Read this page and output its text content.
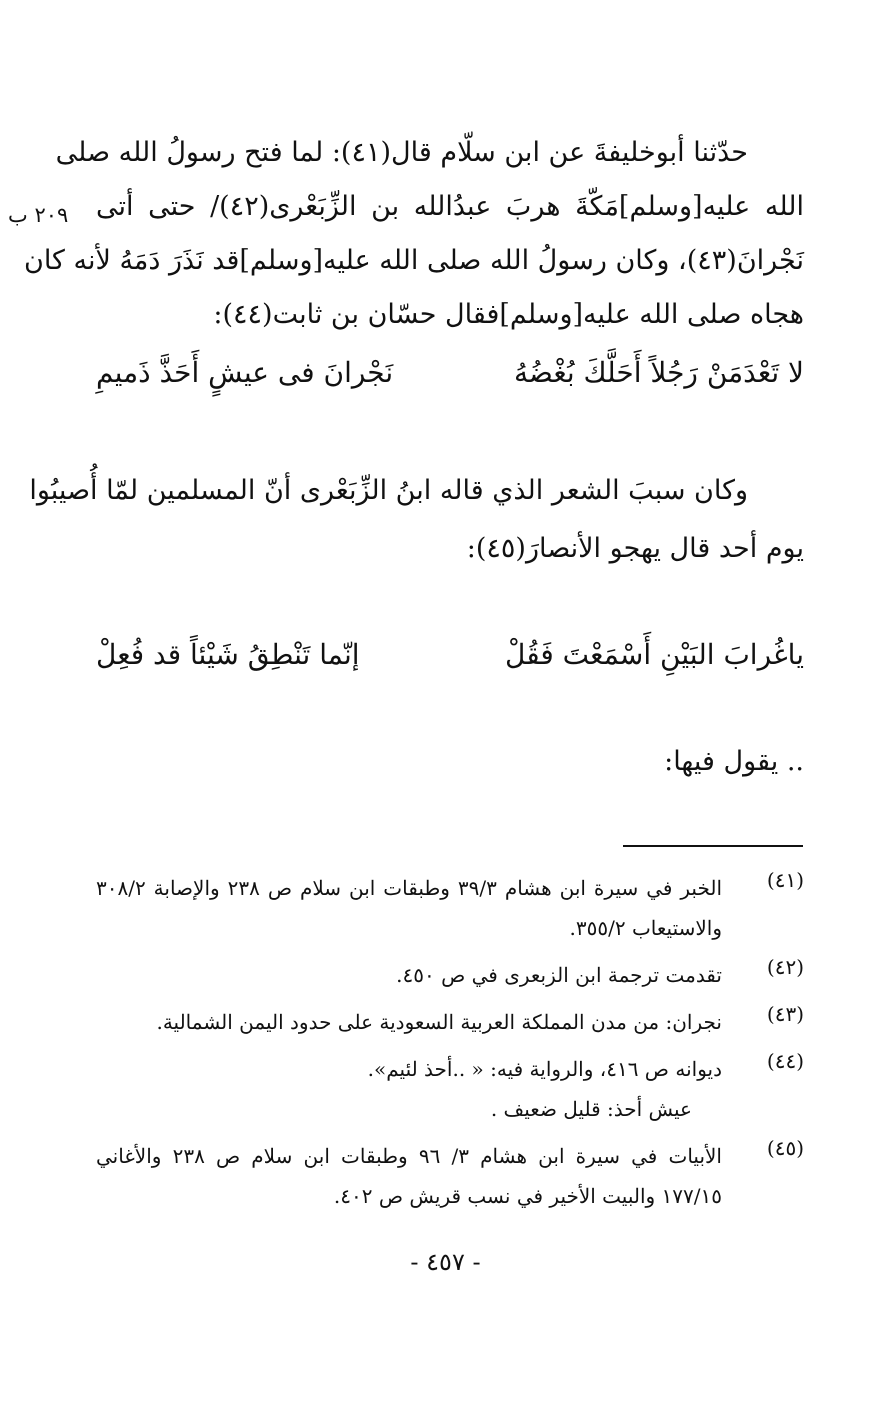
٢٠٩ ب
حدّثنا أبوخليفةَ عن ابن سلّام قال(٤١): لما فتح رسولُ الله صلى
الله عليه[وسلم]مَكّةَ هربَ عبدُالله بن الزِّبَعْرى(٤٢)/ حتى أتى
نَجْرانَ(٤٣)، وكان رسولُ الله صلى الله عليه[وسلم]قد نَذَرَ دَمَهُ لأنه كان
هجاه صلى الله عليه[وسلم]فقال حسّان بن ثابت(٤٤):
لا تَعْدَمَنْ رَجُلاً أَحَلَّكَ بُغْضُهُ
نَجْرانَ فى عيشٍ أَحَذَّ ذَميمِ
وكان سببَ الشعر الذي قاله ابنُ الزِّبَعْرى أنّ المسلمين لمّا أُصيبُوا
يوم أحد قال يهجو الأنصارَ(٤٥):
ياغُرابَ البَيْنِ أَسْمَعْتَ فَقُلْ
إنّما تَنْطِقُ شَيْئاً قد فُعِلْ
.. يقول فيها:
(٤١)
الخبر في سيرة ابن هشام ٣٩/٣ وطبقات ابن سلام ص ٢٣٨ والإصابة ٣٠٨/٢
والاستيعاب ٣٥٥/٢.
(٤٢)
تقدمت ترجمة ابن الزبعرى في ص ٤٥٠.
(٤٣)
نجران: من مدن المملكة العربية السعودية على حدود اليمن الشمالية.
(٤٤)
ديوانه ص ٤١٦، والرواية فيه: « ..أحذ لئيم».
عيش أحذ: قليل ضعيف .
(٤٥)
الأبيات في سيرة ابن هشام ٣/ ٩٦ وطبقات ابن سلام ص ٢٣٨ والأغاني
١٧٧/١٥ والبيت الأخير في نسب قريش ص ٤٠٢.
- ٤٥٧ -
